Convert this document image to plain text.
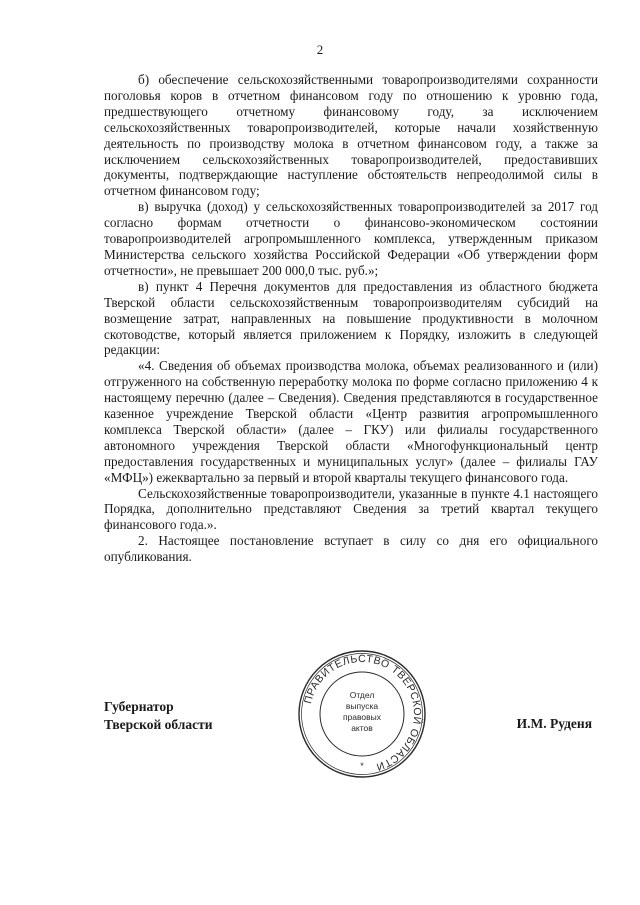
2

б) обеспечение сельскохозяйственными товаропроизводителями сохранности поголовья коров в отчетном финансовом году по отношению к уровню года, предшествующего отчетному финансовому году, за исключением сельскохозяйственных товаропроизводителей, которые начали хозяйственную деятельность по производству молока в отчетном финансовом году, а также за исключением сельскохозяйственных товаропроизводителей, предоставивших документы, подтверждающие наступление обстоятельств непреодолимой силы в отчетном финансовом году;

в) выручка (доход) у сельскохозяйственных товаропроизводителей за 2017 год согласно формам отчетности о финансово-экономическом состоянии товаропроизводителей агропромышленного комплекса, утвержденным приказом Министерства сельского хозяйства Российской Федерации «Об утверждении форм отчетности», не превышает 200 000,0 тыс. руб.»;

в) пункт 4 Перечня документов для предоставления из областного бюджета Тверской области сельскохозяйственным товаропроизводителям субсидий на возмещение затрат, направленных на повышение продуктивности в молочном скотоводстве, который является приложением к Порядку, изложить в следующей редакции:

«4. Сведения об объемах производства молока, объемах реализованного и (или) отгруженного на собственную переработку молока по форме согласно приложению 4 к настоящему перечню (далее – Сведения). Сведения представляются в государственное казенное учреждение Тверской области «Центр развития агропромышленного комплекса Тверской области» (далее – ГКУ) или филиалы государственного автономного учреждения Тверской области «Многофункциональный центр предоставления государственных и муниципальных услуг» (далее – филиалы ГАУ «МФЦ») ежеквартально за первый и второй кварталы текущего финансового года.

Сельскохозяйственные товаропроизводители, указанные в пункте 4.1 настоящего Порядка, дополнительно представляют Сведения за третий квартал текущего финансового года.».

2. Настоящее постановление вступает в силу со дня его официального опубликования.

Губернатор
Тверской области	И.М. Руденя
ПРАВИТЕЛЬСТВО ТВЕРСКОЙ ОБЛАСТИ
Отдел
выпуска
правовых
актов
*
